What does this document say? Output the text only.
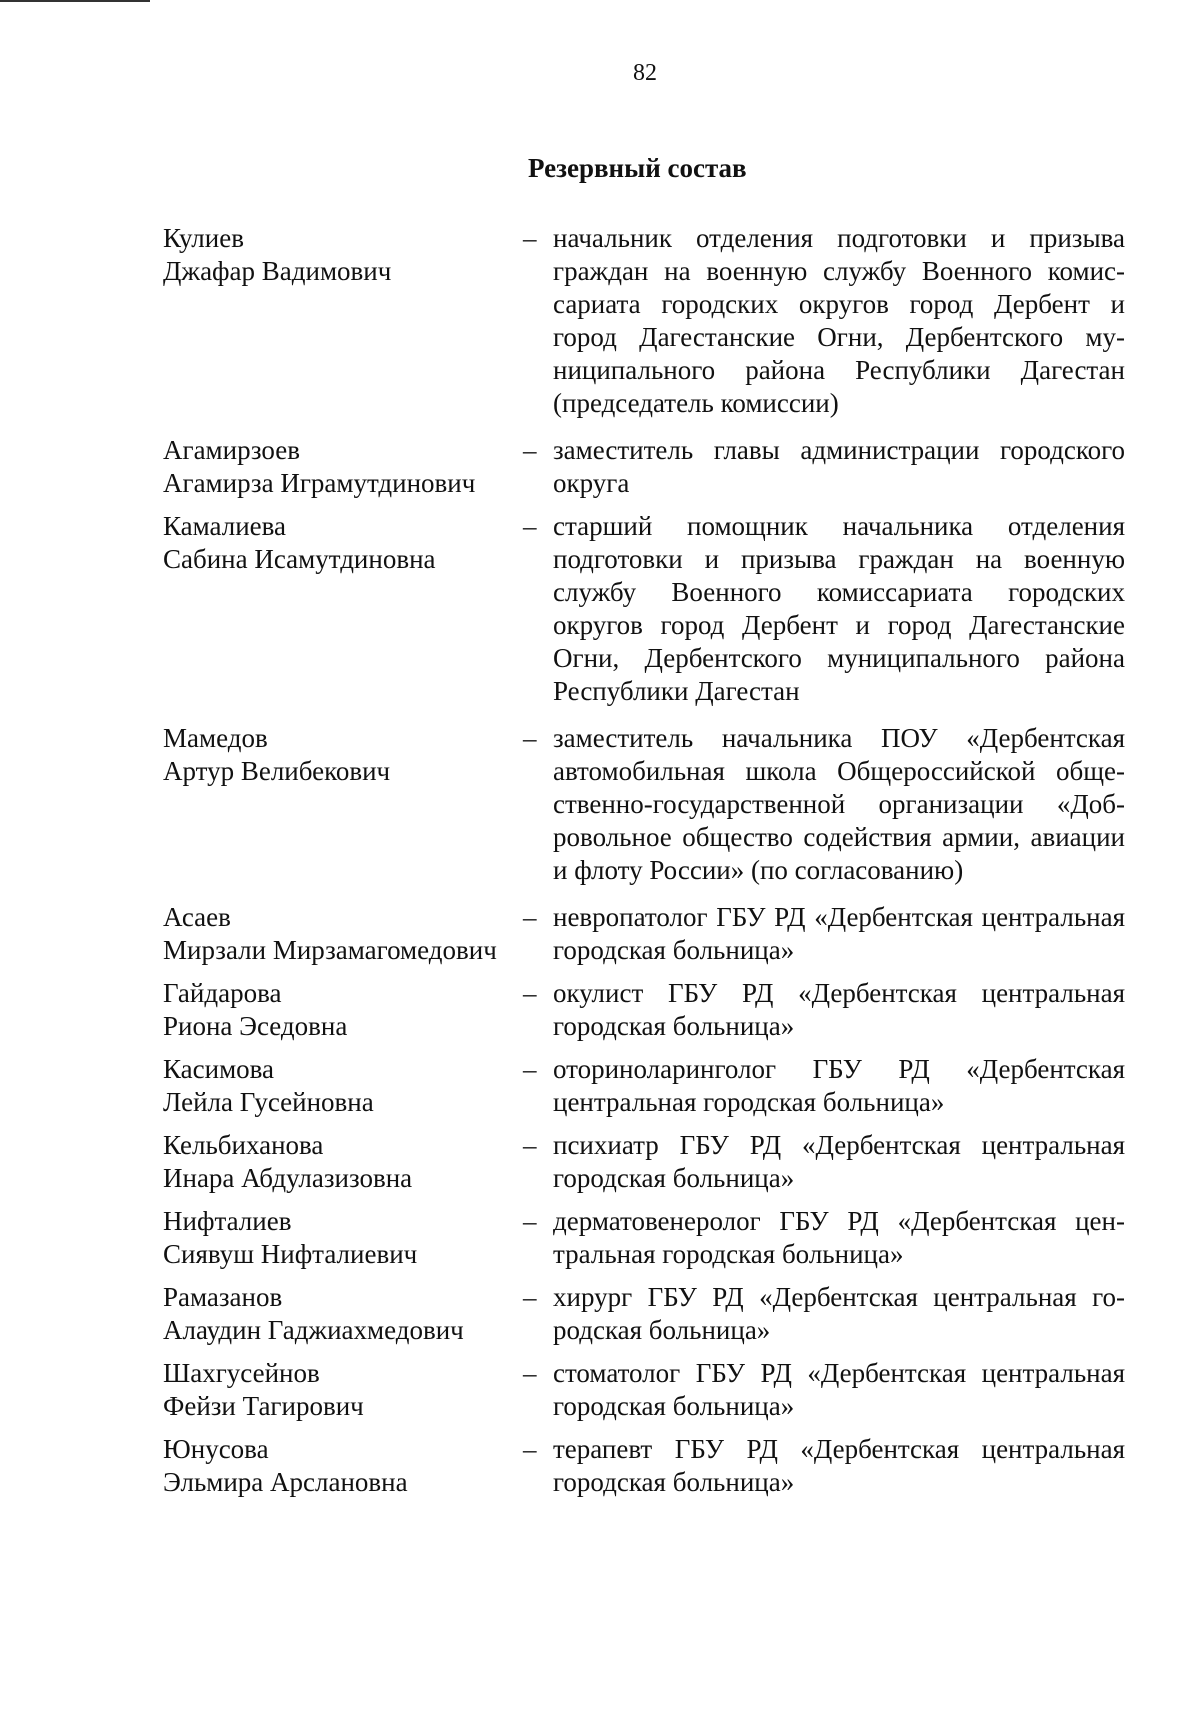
82
Резервный состав
Кулиев
Джафар Вадимович
– начальник отделения подготовки и призыва граждан на военную службу Военного комиссариата городских округов город Дербент и город Дагестанские Огни, Дербентского муниципального района Республики Дагестан (председатель комиссии)
Агамирзоев
Агамирза Играмутдинович
– заместитель главы администрации городского округа
Камалиева
Сабина Исамутдиновна
– старший помощник начальника отделения подготовки и призыва граждан на военную службу Военного комиссариата городских округов город Дербент и город Дагестанские Огни, Дербентского муниципального района Республики Дагестан
Мамедов
Артур Велибекович
– заместитель начальника ПОУ «Дербентская автомобильная школа Общероссийской общественно-государственной организации «Добровольное общество содействия армии, авиации и флоту России» (по согласованию)
Асаев
Мирзали Мирзамагомедович
– невропатолог ГБУ РД «Дербентская центральная городская больница»
Гайдарова
Риона Эседовна
– окулист ГБУ РД «Дербентская центральная городская больница»
Касимова
Лейла Гусейновна
– оториноларинголог ГБУ РД «Дербентская центральная городская больница»
Кельбиханова
Инара Абдулазизовна
– психиатр ГБУ РД «Дербентская центральная городская больница»
Нифталиев
Сиявуш Нифталиевич
– дерматовенеролог ГБУ РД «Дербентская центральная городская больница»
Рамазанов
Алаудин Гаджиахмедович
– хирург ГБУ РД «Дербентская центральная городская больница»
Шахгусейнов
Фейзи Тагирович
– стоматолог ГБУ РД «Дербентская центральная городская больница»
Юнусова
Эльмира Арслановна
– терапевт ГБУ РД «Дербентская центральная городская больница»
